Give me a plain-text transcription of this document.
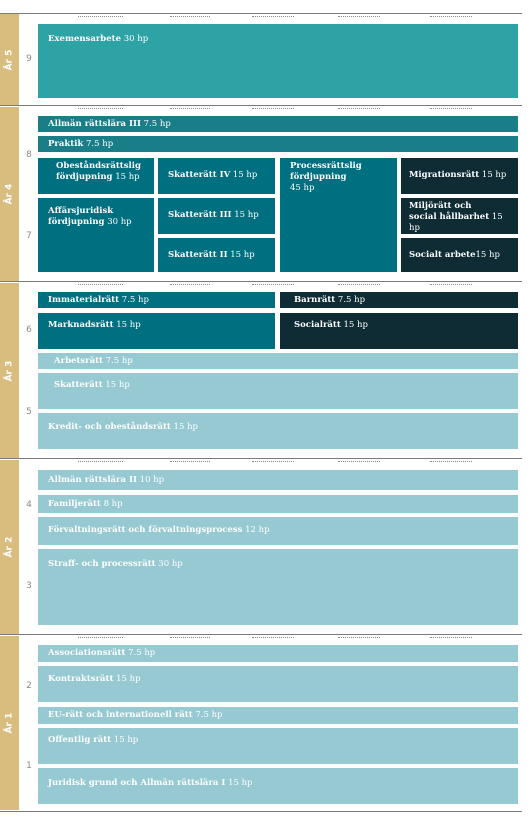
År 5
År 4
År 3
År 2
År 1
9
8
7
6
5
4
3
2
1
Exemensarbete 30 hp
Allmän rättslära III 7.5 hp
Praktik 7.5 hp
Obeståndsrättslig
fördjupning 15 hp
Affärsjuridisk
fördjupning 30 hp
Skatterätt IV 15 hp
Skatterätt III 15 hp
Skatterätt II 15 hp
Processrättslig
fördjupning
45 hp
Migrationsrätt 15 hp
Miljörätt och
social hållbarhet 15 hp
Socialt arbete15 hp
Immaterialrätt 7.5 hp	Barnrätt 7.5 hp
Marknadsrätt 15 hp	Socialrätt 15 hp
Arbetsrätt 7.5 hp
Skatterätt 15 hp
Kredit- och obeståndsrätt 15 hp
Allmän rättslära II 10 hp
Familjerätt 8 hp
Förvaltningsrätt och förvaltningsprocess 12 hp
Straff- och processrätt 30 hp
Associationsrätt 7.5 hp
Kontraktsrätt 15 hp
EU-rätt och internationell rätt 7.5 hp
Offentlig rätt 15 hp
Juridisk grund och Allmän rättslära I 15 hp
